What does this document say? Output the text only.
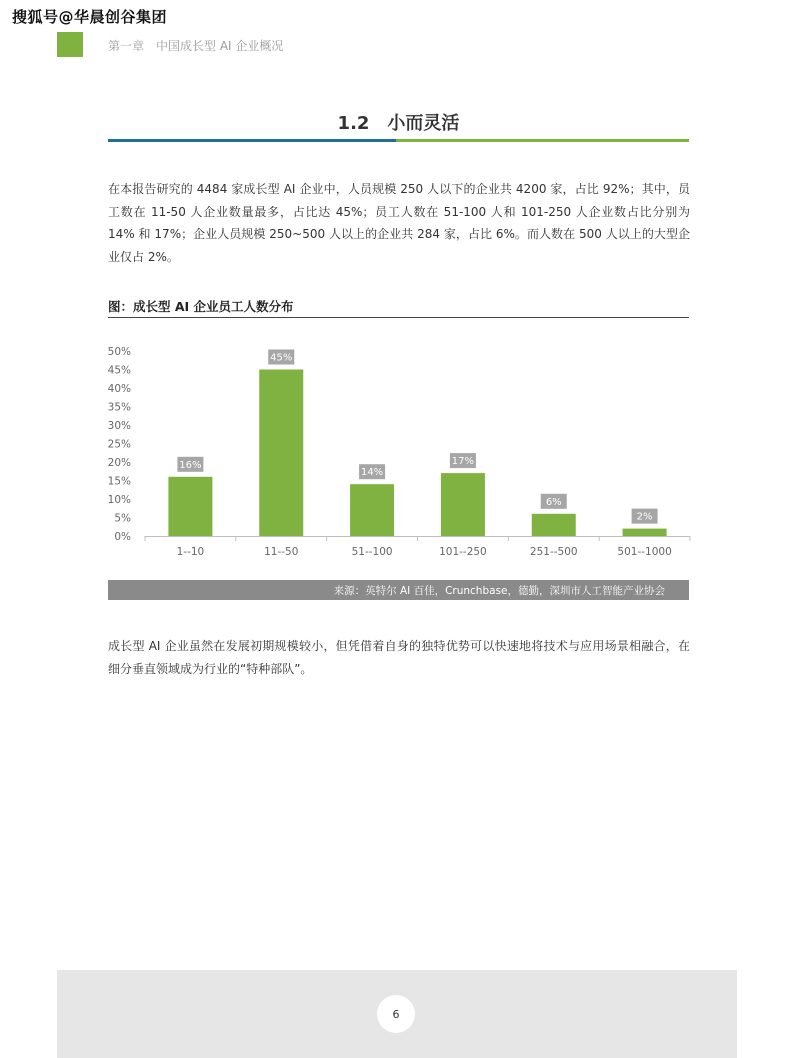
搜狐号@华晨创谷集团
第一章　中国成长型 AI 企业概况
1.2　小而灵活
在本报告研究的 4484 家成长型 AI 企业中，人员规模 250 人以下的企业共 4200 家，占比 92%；其中，员工数在 11-50 人企业数量最多，占比达 45%；员工人数在 51-100 人和 101-250 人企业数占比分别为 14% 和 17%；企业人员规模 250~500 人以上的企业共 284 家，占比 6%。而人数在 500 人以上的大型企业仅占 2%。
图：成长型 AI 企业员工人数分布
0%
5%
10%
15%
20%
25%
30%
35%
40%
45%
50%
16%
1--10
45%
11--50
14%
51--100
17%
101--250
6%
251--500
2%
501--1000
来源：英特尔 AI 百佳，Crunchbase，德勤，深圳市人工智能产业协会
成长型 AI 企业虽然在发展初期规模较小，但凭借着自身的独特优势可以快速地将技术与应用场景相融合，在细分垂直领域成为行业的“特种部队”。
6
